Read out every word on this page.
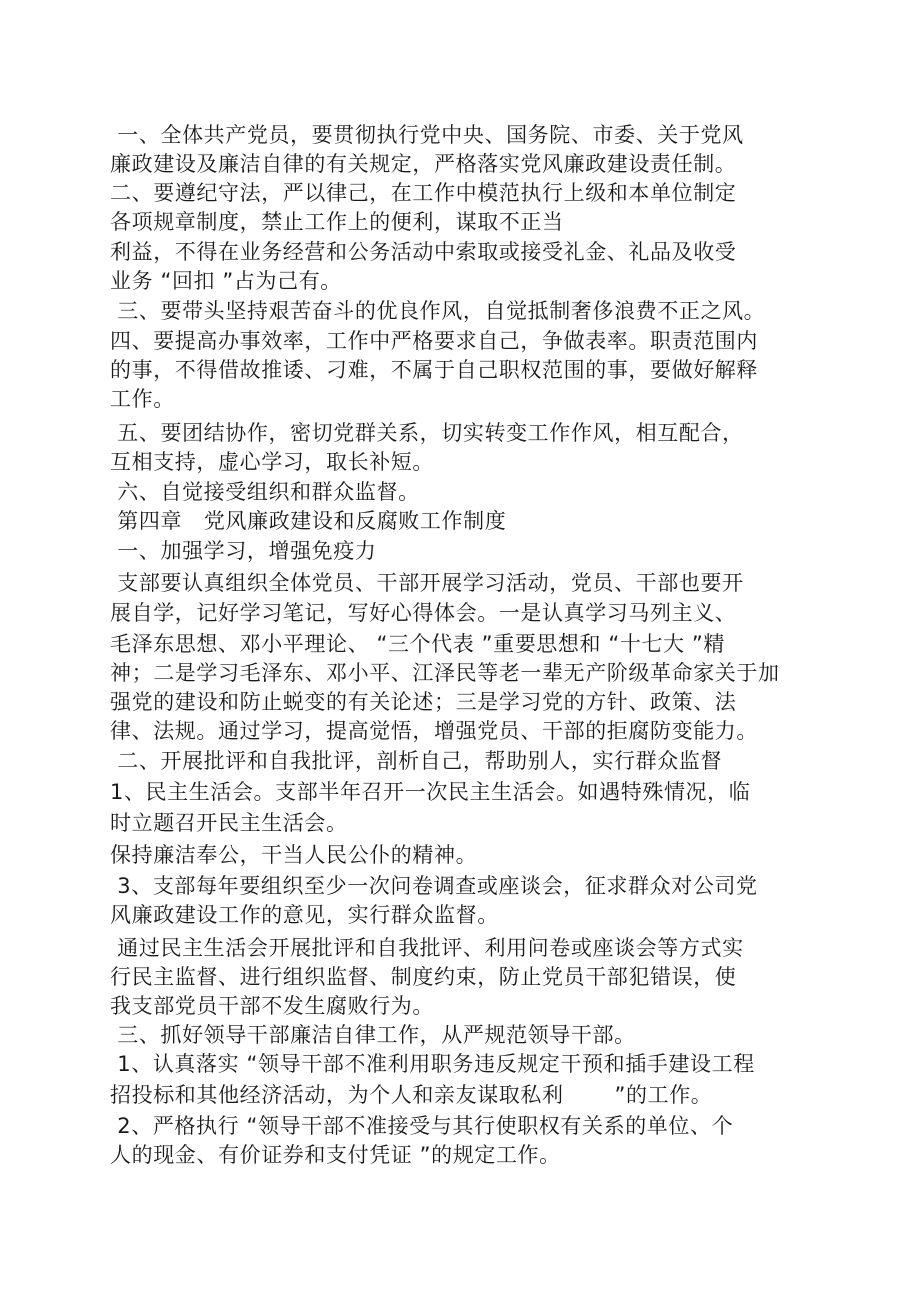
一、全体共产党员，要贯彻执行党中央、国务院、市委、关于党风

廉政建设及廉洁自律的有关规定，严格落实党风廉政建设责任制。

二、要遵纪守法，严以律己，在工作中模范执行上级和本单位制定

各项规章制度，禁止工作上的便利，谋取不正当

利益，不得在业务经营和公务活动中索取或接受礼金、礼品及收受

业务 “回扣 ”占为己有。

三、要带头坚持艰苦奋斗的优良作风，自觉抵制奢侈浪费不正之风。

四、要提高办事效率，工作中严格要求自己，争做表率。职责范围内

的事，不得借故推诿、刁难，不属于自己职权范围的事，要做好解释

工作。

五、要团结协作，密切党群关系，切实转变工作作风，相互配合，

互相支持，虚心学习，取长补短。

六、自觉接受组织和群众监督。

第四章   党风廉政建设和反腐败工作制度

一、加强学习，增强免疫力

支部要认真组织全体党员、干部开展学习活动，党员、干部也要开

展自学，记好学习笔记，写好心得体会。一是认真学习马列主义、

毛泽东思想、邓小平理论、 “三个代表 ”重要思想和 “十七大 ”精

神；二是学习毛泽东、邓小平、江泽民等老一辈无产阶级革命家关于加

强党的建设和防止蜕变的有关论述；三是学习党的方针、政策、法

律、法规。通过学习，提高觉悟，增强党员、干部的拒腐防变能力。

二、开展批评和自我批评，剖析自己，帮助别人，实行群众监督

1、民主生活会。支部半年召开一次民主生活会。如遇特殊情况，临

时立题召开民主生活会。

保持廉洁奉公，干当人民公仆的精神。

3、支部每年要组织至少一次问卷调查或座谈会，征求群众对公司党

风廉政建设工作的意见，实行群众监督。

通过民主生活会开展批评和自我批评、利用问卷或座谈会等方式实

行民主监督、进行组织监督、制度约束，防止党员干部犯错误，使

我支部党员干部不发生腐败行为。

三、抓好领导干部廉洁自律工作，从严规范领导干部。

1、认真落实 “领导干部不准利用职务违反规定干预和插手建设工程

招投标和其他经济活动，为个人和亲友谋取私利       ”的工作。

2、严格执行 “领导干部不准接受与其行使职权有关系的单位、个

人的现金、有价证券和支付凭证 ”的规定工作。
